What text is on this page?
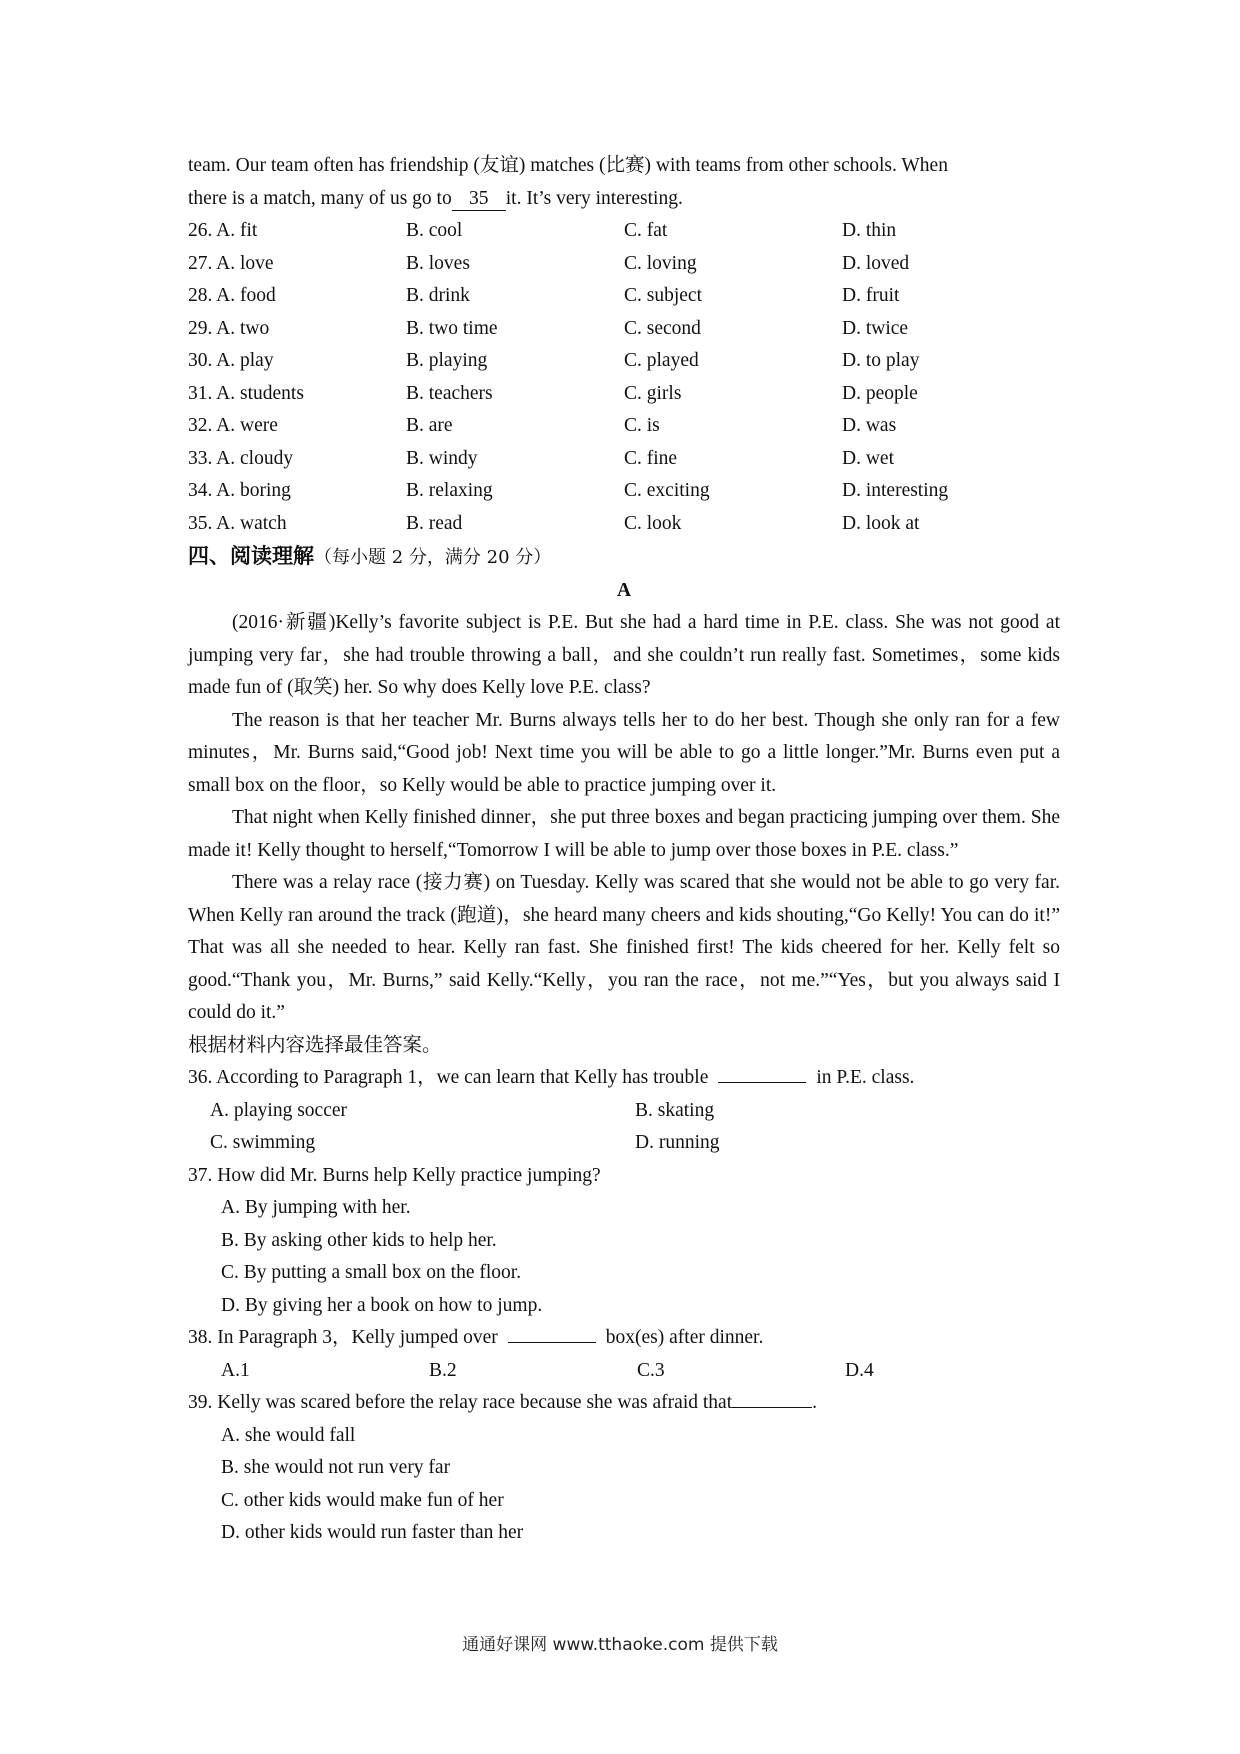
team. Our team often has friendship (友谊) matches (比赛) with teams from other schools. When
there is a match, many of us go to 35 it. It’s very interesting.
26. A. fit	B. cool	C. fat	D. thin
27. A. love	B. loves	C. loving	D. loved
28. A. food	B. drink	C. subject	D. fruit
29. A. two	B. two time	C. second	D. twice
30. A. play	B. playing	C. played	D. to play
31. A. students	B. teachers	C. girls	D. people
32. A. were	B. are	C. is	D. was
33. A. cloudy	B. windy	C. fine	D. wet
34. A. boring	B. relaxing	C. exciting	D. interesting
35. A. watch	B. read	C. look	D. look at
四、阅读理解（每小题 2 分，满分 20 分）
A
(2016·新疆)Kelly’s favorite subject is P.E. But she had a hard time in P.E. class. She was not good at jumping very far，she had trouble throwing a ball，and she couldn’t run really fast. Sometimes，some kids made fun of (取笑) her. So why does Kelly love P.E. class?
The reason is that her teacher Mr. Burns always tells her to do her best. Though she only ran for a few minutes，Mr. Burns said,“Good job! Next time you will be able to go a little longer.”Mr. Burns even put a small box on the floor，so Kelly would be able to practice jumping over it.
That night when Kelly finished dinner，she put three boxes and began practicing jumping over them. She made it! Kelly thought to herself,“Tomorrow I will be able to jump over those boxes in P.E. class.”
There was a relay race (接力赛) on Tuesday. Kelly was scared that she would not be able to go very far. When Kelly ran around the track (跑道)，she heard many cheers and kids shouting,“Go Kelly! You can do it!” That was all she needed to hear. Kelly ran fast. She finished first! The kids cheered for her. Kelly felt so good.“Thank you，Mr. Burns,” said Kelly.“Kelly，you ran the race，not me.”“Yes，but you always said I could do it.”
根据材料内容选择最佳答案。
36. According to Paragraph 1，we can learn that Kelly has trouble	in P.E. class.
A. playing soccer	B. skating
C. swimming	D. running
37. How did Mr. Burns help Kelly practice jumping?
A. By jumping with her.
B. By asking other kids to help her.
C. By putting a small box on the floor.
D. By giving her a book on how to jump.
38. In Paragraph 3，Kelly jumped over	box(es) after dinner.
A.1	B.2	C.3	D.4
39. Kelly was scared before the relay race because she was afraid that	.
A. she would fall
B. she would not run very far
C. other kids would make fun of her
D. other kids would run faster than her
通通好课网 www.tthaoke.com 提供下载
